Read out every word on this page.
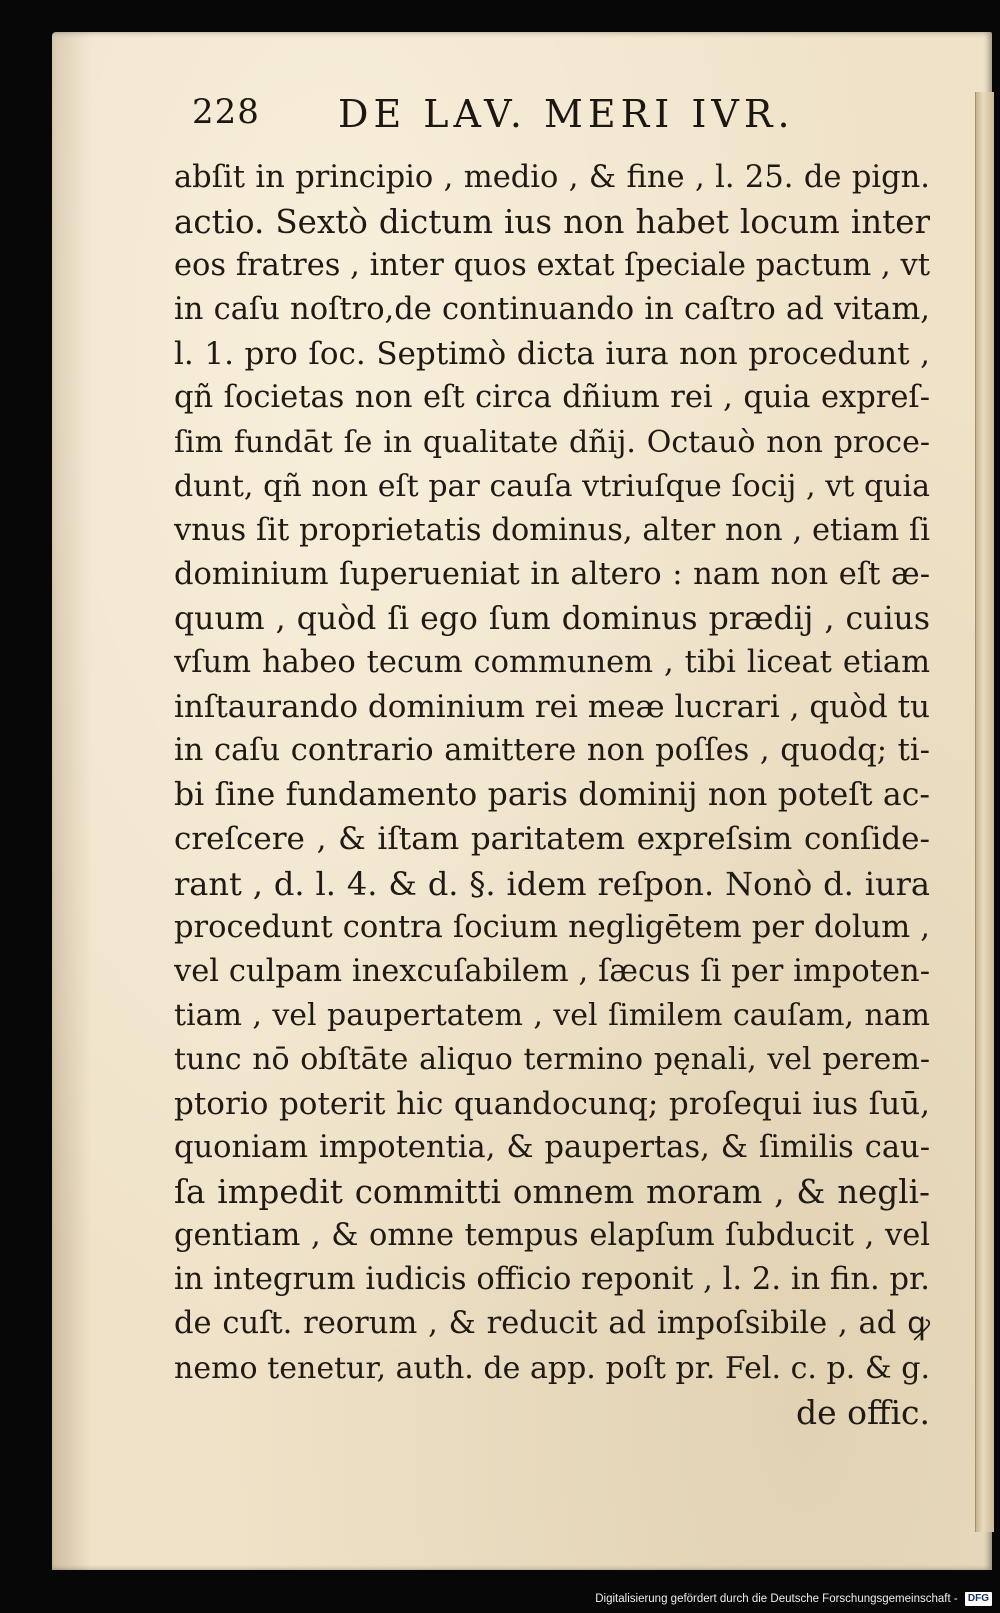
228 DE LAV. MERI IVR.
abſit in principio , medio , & fine , l. 25. de pign.
actio. Sextò dictum ius non habet locum inter
eos fratres , inter quos extat ſpeciale pactum , vt
in caſu noſtro,de continuando in caſtro ad vitam,
l. 1. pro ſoc. Septimò dicta iura non procedunt ,
qñ ſocietas non eſt circa dñium rei , quia expreſ-
ſim fundāt ſe in qualitate dñij. Octauò non proce-
dunt, qñ non eſt par cauſa vtriuſque ſocij , vt quia
vnus ſit proprietatis dominus, alter non , etiam ſi
dominium ſuperueniat in altero : nam non eſt æ-
quum , quòd ſi ego ſum dominus prædij , cuius
vſum habeo tecum communem , tibi liceat etiam
inſtaurando dominium rei meæ lucrari , quòd tu
in caſu contrario amittere non poſſes , quodq; ti-
bi ſine fundamento paris dominij non poteſt ac-
creſcere , & iſtam paritatem expreſsim conſide-
rant , d. l. 4. & d. §. idem reſpon. Nonò d. iura
procedunt contra ſocium negligētem per dolum ,
vel culpam inexcuſabilem , ſæcus ſi per impoten-
tiam , vel paupertatem , vel ſimilem cauſam, nam
tunc nō obſtāte aliquo termino pęnali, vel perem-
ptorio poterit hic quandocunq; proſequi ius ſuū,
quoniam impotentia, & paupertas, & ſimilis cau-
ſa impedit committi omnem moram , & negli-
gentiam , & omne tempus elapſum ſubducit , vel
in integrum iudicis officio reponit , l. 2. in fin. pr.
de cuſt. reorum , & reducit ad impoſsibile , ad ꝙ
nemo tenetur, auth. de app. poſt pr. Fel. c. p. & g.
de offic.
Digitalisierung gefördert durch die Deutsche Forschungsgemeinschaft - DFG
